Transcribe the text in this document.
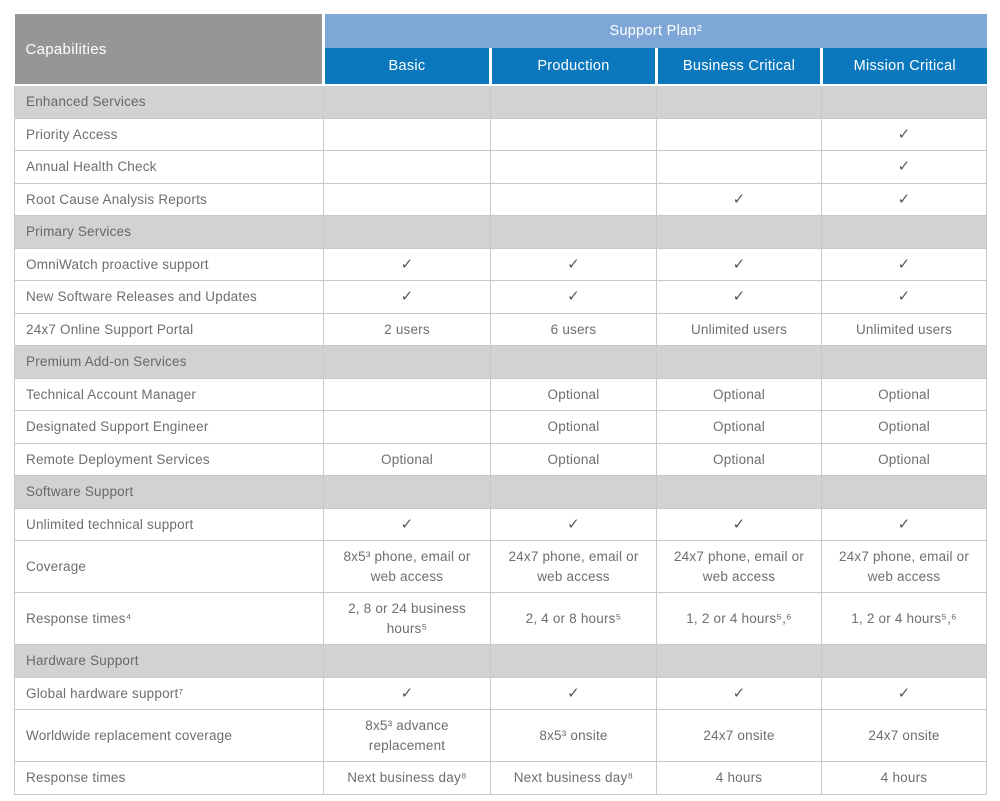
Capabilities	Support Plan²			
	Basic	Production	Business Critical	Mission Critical
Enhanced Services				
Priority Access				✓
Annual Health Check				✓
Root Cause Analysis Reports			✓	✓
Primary Services				
OmniWatch proactive support	✓	✓	✓	✓
New Software Releases and Updates	✓	✓	✓	✓
24x7 Online Support Portal	2 users	6 users	Unlimited users	Unlimited users
Premium Add-on Services				
Technical Account Manager		Optional	Optional	Optional
Designated Support Engineer		Optional	Optional	Optional
Remote Deployment Services	Optional	Optional	Optional	Optional
Software Support				
Unlimited technical support	✓	✓	✓	✓
Coverage	8x5³ phone, email or web access	24x7 phone, email or web access	24x7 phone, email or web access	24x7 phone, email or web access
Response times⁴	2, 8 or 24 business hours⁵	2, 4 or 8 hours⁵	1, 2 or 4 hours⁵,⁶	1, 2 or 4 hours⁵,⁶
Hardware Support				
Global hardware support⁷	✓	✓	✓	✓
Worldwide replacement coverage	8x5³ advance replacement	8x5³ onsite	24x7 onsite	24x7 onsite
Response times	Next business day⁸	Next business day⁸	4 hours	4 hours
